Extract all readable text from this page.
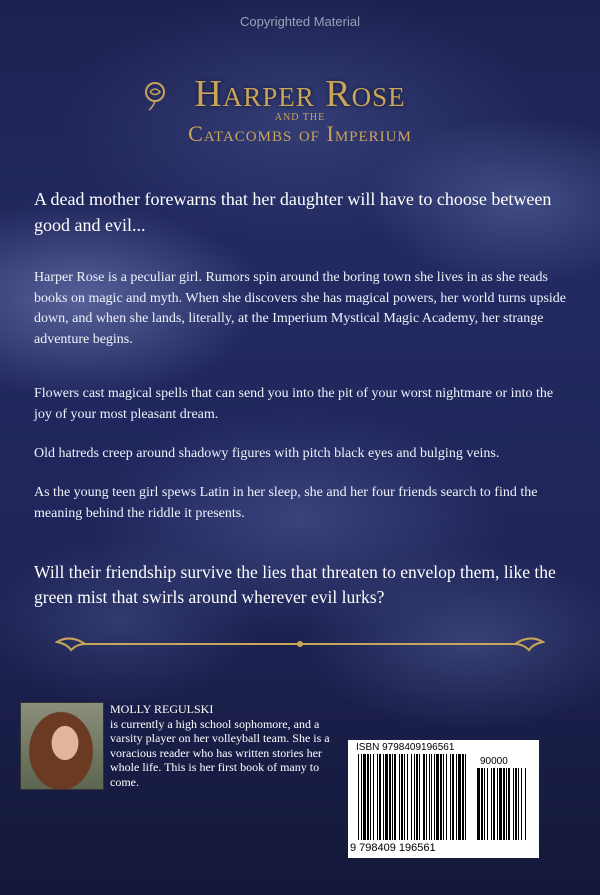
Copyrighted Material
Harper Rose
AND THE
Catacombs of Imperium
A dead mother forewarns that her daughter will have to choose between good and evil...
Harper Rose is a peculiar girl. Rumors spin around the boring town she lives in as she reads books on magic and myth. When she discovers she has magical powers, her world turns upside down, and when she lands, literally, at the Imperium Mystical Magic Academy, her strange adventure begins.
Flowers cast magical spells that can send you into the pit of your worst nightmare or into the joy of your most pleasant dream.
Old hatreds creep around shadowy figures with pitch black eyes and bulging veins.
As the young teen girl spews Latin in her sleep, she and her four friends search to find the meaning behind the riddle it presents.
Will their friendship survive the lies that threaten to envelop them, like the green mist that swirls around wherever evil lurks?
MOLLY REGULSKI
is currently a high school sophomore, and a varsity player on her volleyball team. She is a voracious reader who has written stories her whole life. This is her first book of many to come.
ISBN 9798409196561
90000
9 798409 196561
